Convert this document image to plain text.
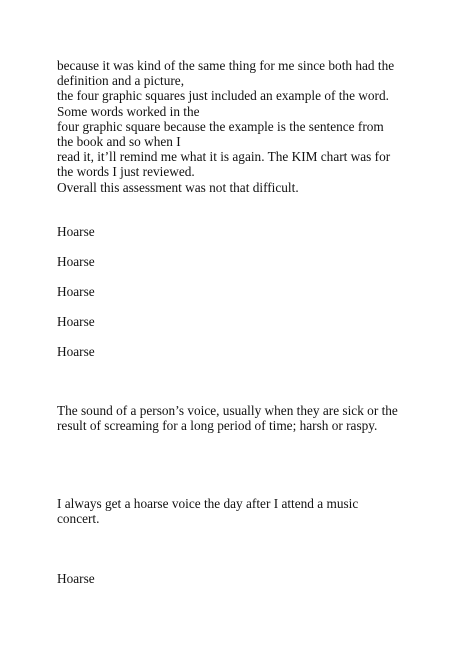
because it was kind of the same thing for me since both had the
definition and a picture,
the four graphic squares just included an example of the word.
Some words worked in the
four graphic square because the example is the sentence from
the book and so when I
read it, it’ll remind me what it is again. The KIM chart was for
the words I just reviewed.
Overall this assessment was not that difficult.
Hoarse
Hoarse
Hoarse
Hoarse
Hoarse
The sound of a person’s voice, usually when they are sick or the
result of screaming for a long period of time; harsh or raspy.
I always get a hoarse voice the day after I attend a music
concert.
Hoarse
